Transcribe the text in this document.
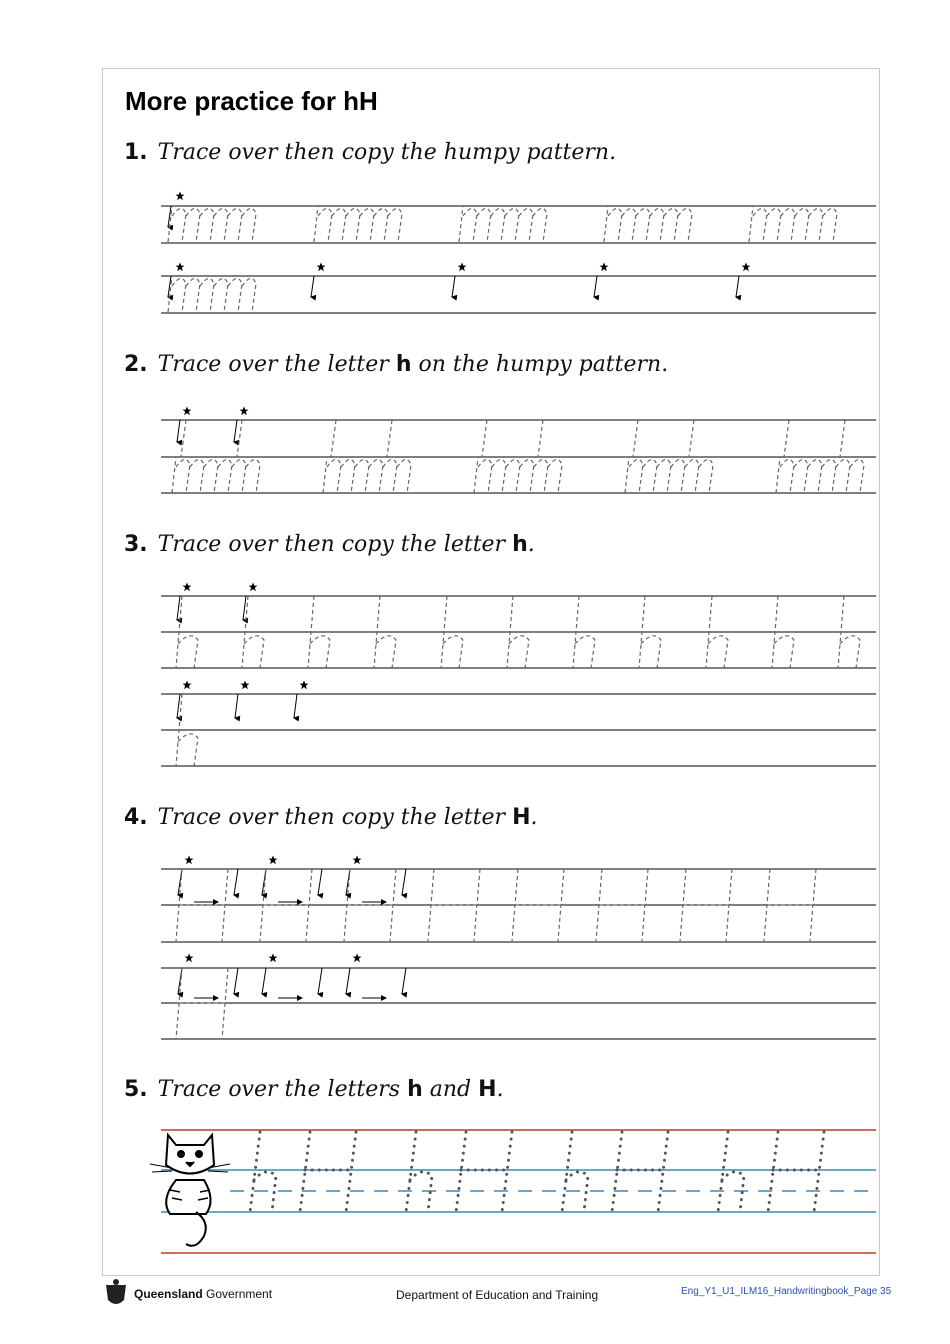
More practice for hH

1. Trace over then copy the humpy pattern.

2. Trace over the letter h on the humpy pattern.

3. Trace over then copy the letter h.

4. Trace over then copy the letter H.

5. Trace over the letters h and H.

Queensland
Government	Department of Education and Training	Eng_Y1_U1_ILM16_Handwritingbook_Page 35
